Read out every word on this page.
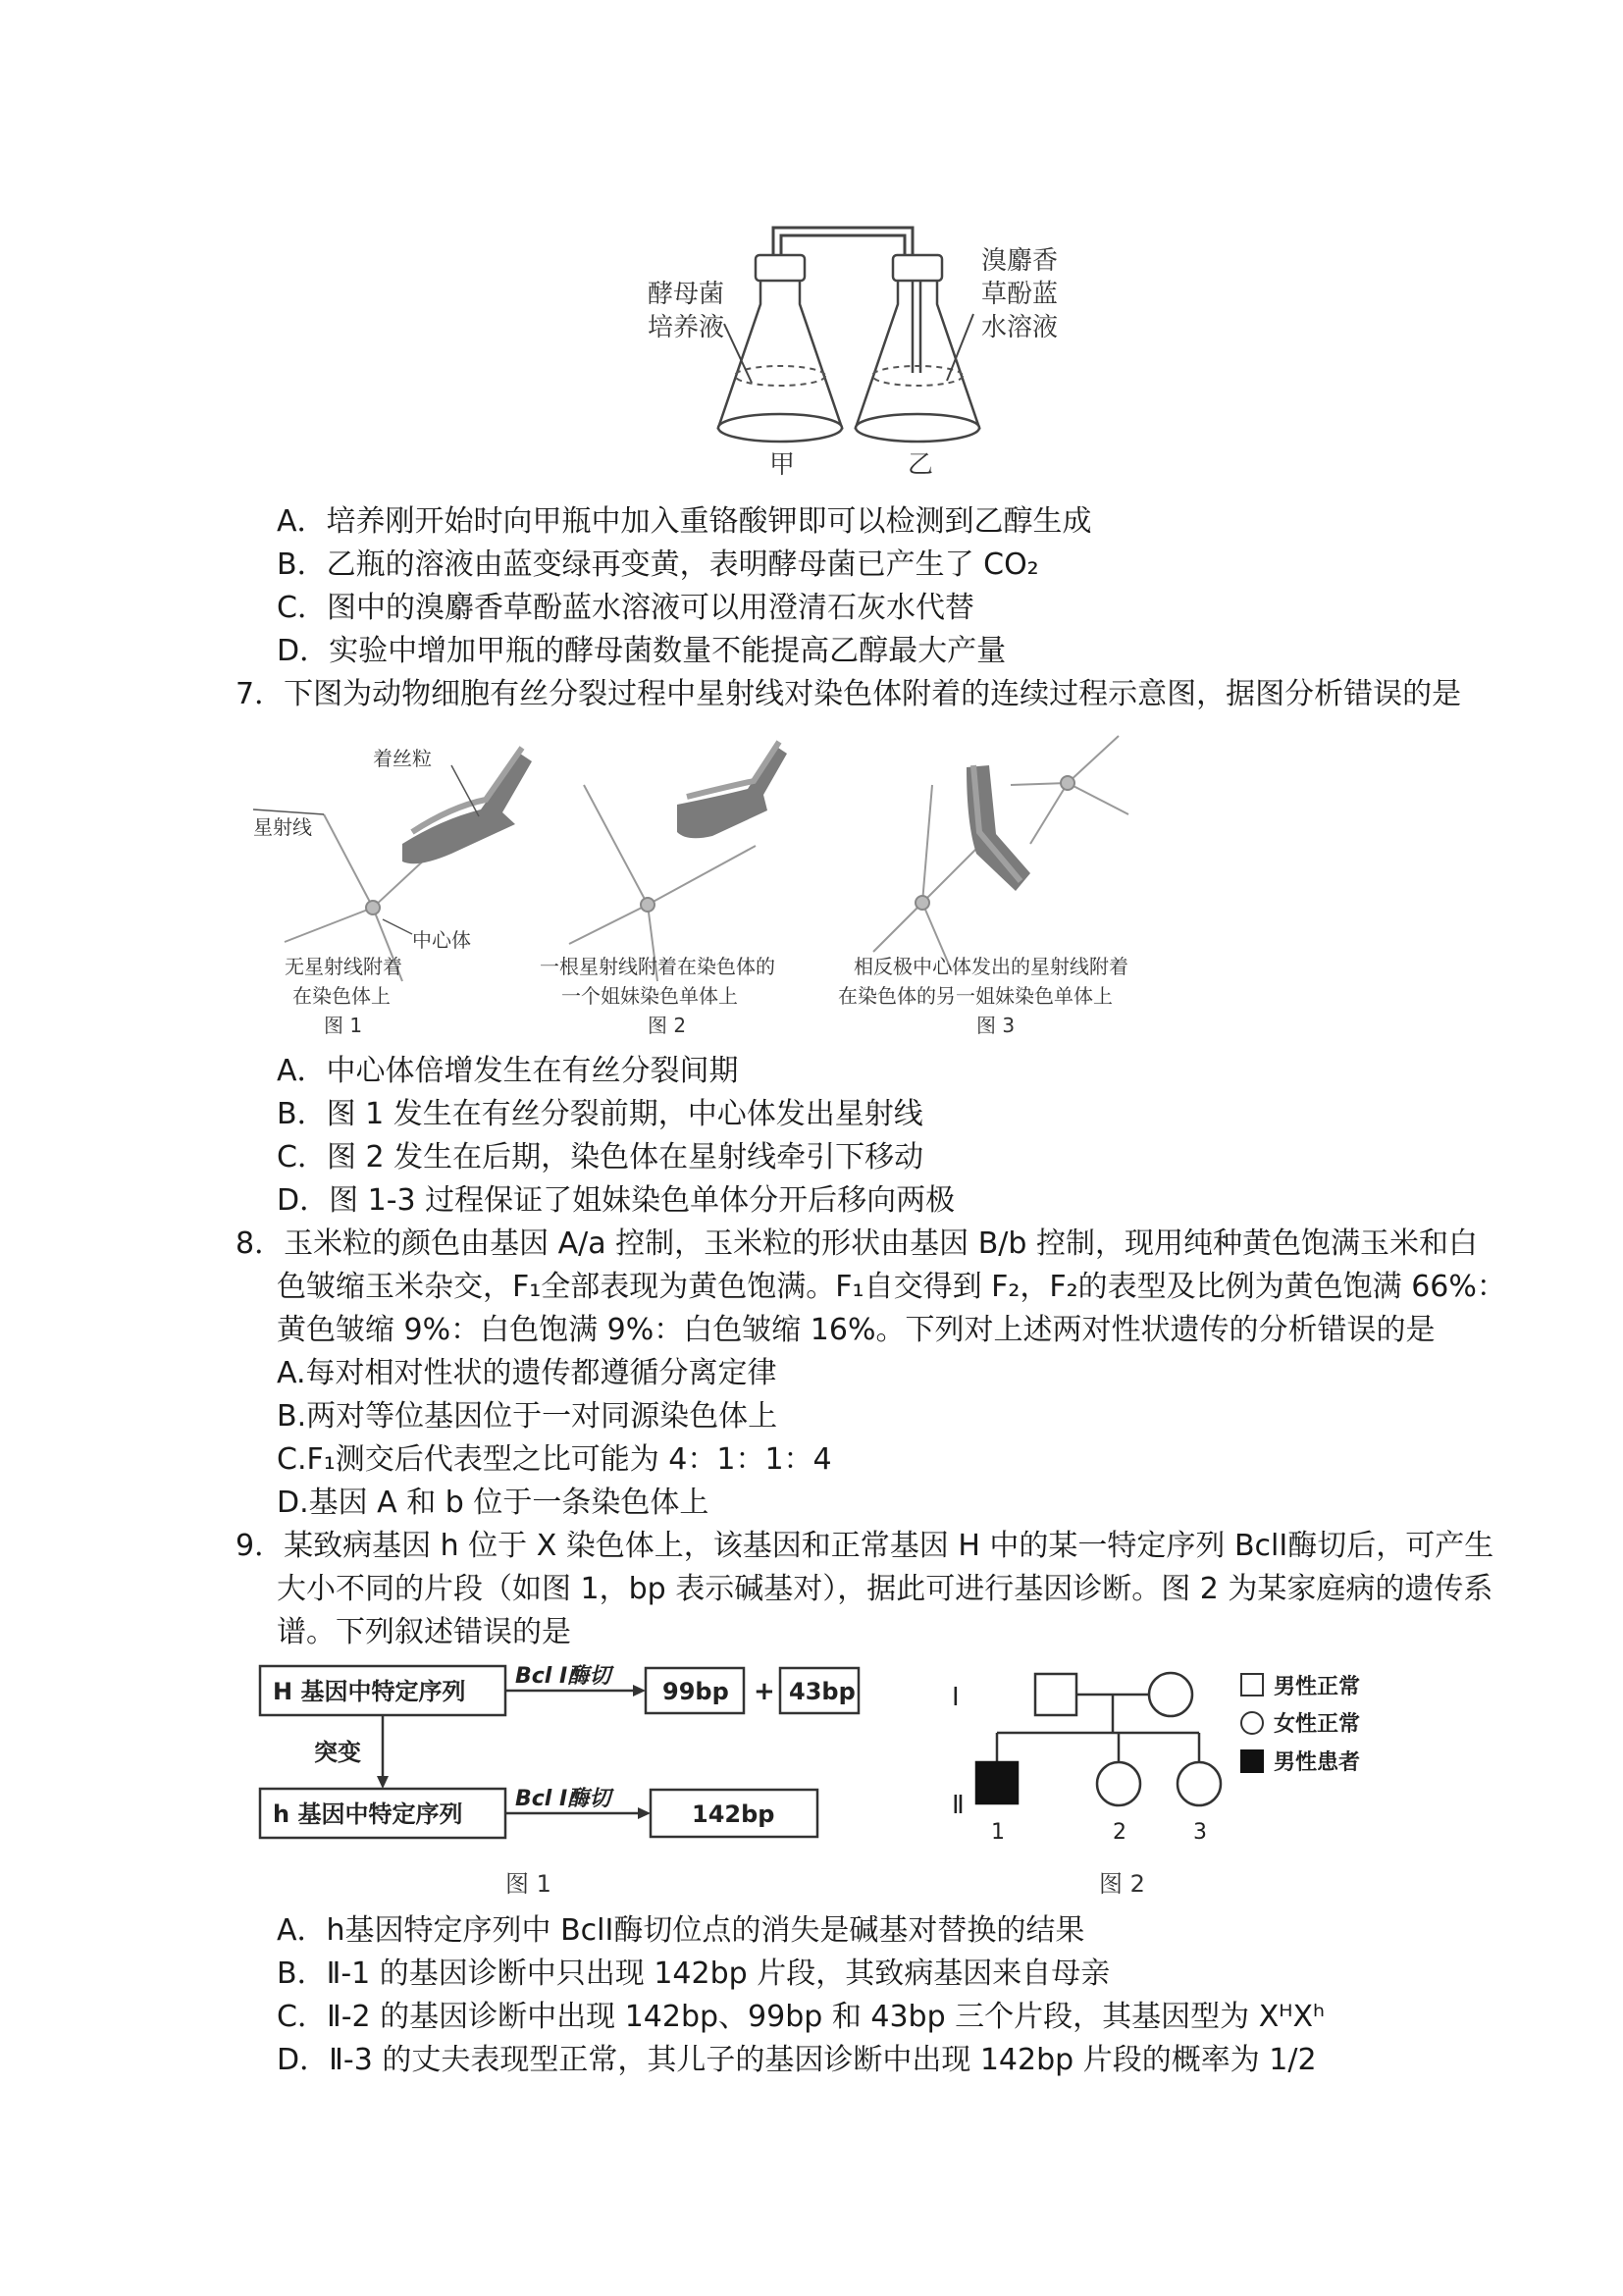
酵母菌
培养液
溴麝香
草酚蓝
水溶液
甲	乙
A．培养刚开始时向甲瓶中加入重铬酸钾即可以检测到乙醇生成
B．乙瓶的溶液由蓝变绿再变黄，表明酵母菌已产生了 CO₂
C．图中的溴麝香草酚蓝水溶液可以用澄清石灰水代替
D．实验中增加甲瓶的酵母菌数量不能提高乙醇最大产量
7．下图为动物细胞有丝分裂过程中星射线对染色体附着的连续过程示意图，据图分析错误的是
着丝粒
星射线
中心体
无星射线附着
在染色体上
图 1
一根星射线附着在染色体的
一个姐妹染色单体上
图 2
相反极中心体发出的星射线附着
在染色体的另一姐妹染色单体上
图 3
A．中心体倍增发生在有丝分裂间期
B．图 1 发生在有丝分裂前期，中心体发出星射线
C．图 2 发生在后期，染色体在星射线牵引下移动
D．图 1-3 过程保证了姐妹染色单体分开后移向两极
8．玉米粒的颜色由基因 A/a 控制，玉米粒的形状由基因 B/b 控制，现用纯种黄色饱满玉米和白
色皱缩玉米杂交，F₁全部表现为黄色饱满。F₁自交得到 F₂，F₂的表型及比例为黄色饱满 66%：
黄色皱缩 9%：白色饱满 9%：白色皱缩 16%。下列对上述两对性状遗传的分析错误的是
A.每对相对性状的遗传都遵循分离定律
B.两对等位基因位于一对同源染色体上
C.F₁测交后代表型之比可能为 4：1：1：4
D.基因 A 和 b 位于一条染色体上
9．某致病基因 h 位于 X 染色体上，该基因和正常基因 H 中的某一特定序列 BclⅠ酶切后，可产生
大小不同的片段（如图 1，bp 表示碱基对），据此可进行基因诊断。图 2 为某家庭病的遗传系
谱。下列叙述错误的是
H 基因中特定序列
Bcl Ⅰ酶切
99bp + 43bp
突变
h 基因中特定序列
Bcl Ⅰ酶切
142bp
图 1
Ⅰ
Ⅱ
1	2	3
男性正常
女性正常
男性患者
图 2
A．h基因特定序列中 BclⅠ酶切位点的消失是碱基对替换的结果
B．Ⅱ-1 的基因诊断中只出现 142bp 片段，其致病基因来自母亲
C．Ⅱ-2 的基因诊断中出现 142bp、99bp 和 43bp 三个片段，其基因型为 XᴴXʰ
D．Ⅱ-3 的丈夫表现型正常，其儿子的基因诊断中出现 142bp 片段的概率为 1/2
